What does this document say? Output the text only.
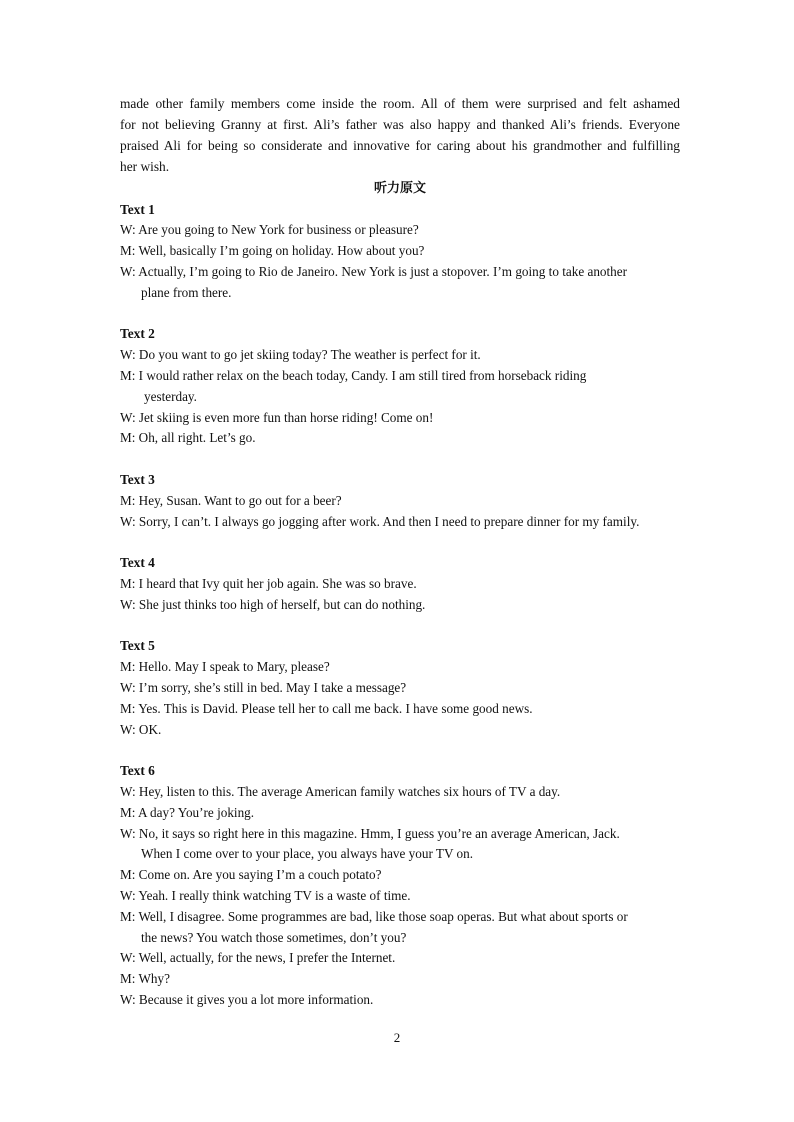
made other family members come inside the room. All of them were surprised and felt ashamed
for not believing Granny at first. Ali’s father was also happy and thanked Ali’s friends. Everyone
praised Ali for being so considerate and innovative for caring about his grandmother and fulfilling
her wish.

听力原文

Text 1

W: Are you going to New York for business or pleasure?

M: Well, basically I’m going on holiday. How about you?

W: Actually, I’m going to Rio de Janeiro. New York is just a stopover. I’m going to take another

plane from there.

Text 2

W: Do you want to go jet skiing today? The weather is perfect for it.

M: I would rather relax on the beach today, Candy. I am still tired from horseback riding

yesterday.

W: Jet skiing is even more fun than horse riding! Come on!

M: Oh, all right. Let’s go.

Text 3

M: Hey, Susan. Want to go out for a beer?

W: Sorry, I can’t. I always go jogging after work. And then I need to prepare dinner for my family.

Text 4

M: I heard that Ivy quit her job again. She was so brave.

W: She just thinks too high of herself, but can do nothing.

Text 5

M: Hello. May I speak to Mary, please?

W: I’m sorry, she’s still in bed. May I take a message?

M: Yes. This is David. Please tell her to call me back. I have some good news.

W: OK.

Text 6

W: Hey, listen to this. The average American family watches six hours of TV a day.

M: A day? You’re joking.

W: No, it says so right here in this magazine. Hmm, I guess you’re an average American, Jack.

When I come over to your place, you always have your TV on.

M: Come on. Are you saying I’m a couch potato?

W: Yeah. I really think watching TV is a waste of time.

M: Well, I disagree. Some programmes are bad, like those soap operas. But what about sports or

the news? You watch those sometimes, don’t you?

W: Well, actually, for the news, I prefer the Internet.

M: Why?

W: Because it gives you a lot more information.

2
